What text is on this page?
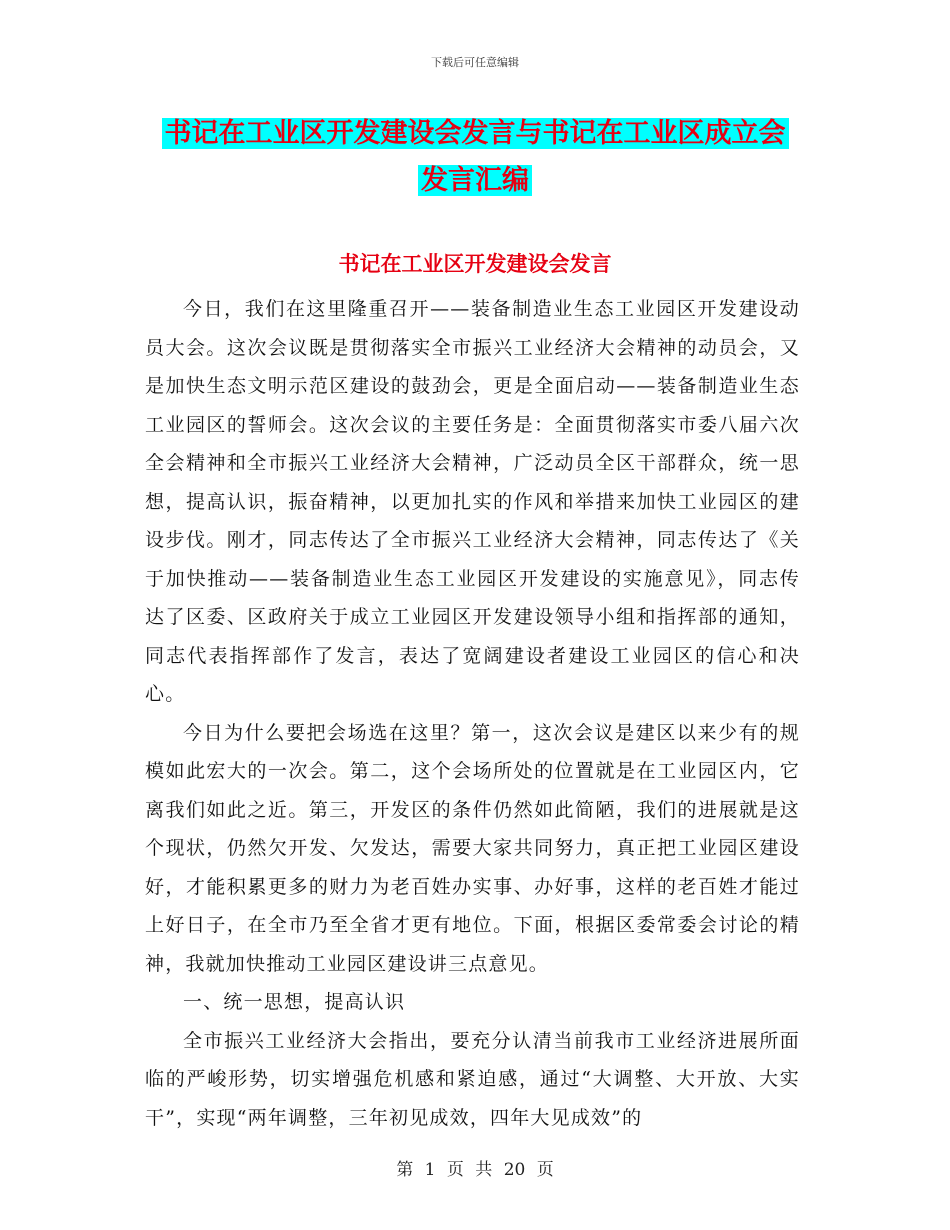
下载后可任意编辑
书记在工业区开发建设会发言与书记在工业区成立会
发言汇编
书记在工业区开发建设会发言

今日，我们在这里隆重召开——装备制造业生态工业园区开发建设动员大会。这次会议既是贯彻落实全市振兴工业经济大会精神的动员会，又是加快生态文明示范区建设的鼓劲会，更是全面启动——装备制造业生态工业园区的誓师会。这次会议的主要任务是：全面贯彻落实市委八届六次全会精神和全市振兴工业经济大会精神，广泛动员全区干部群众，统一思想，提高认识，振奋精神，以更加扎实的作风和举措来加快工业园区的建设步伐。刚才，同志传达了全市振兴工业经济大会精神，同志传达了《关于加快推动——装备制造业生态工业园区开发建设的实施意见》，同志传达了区委、区政府关于成立工业园区开发建设领导小组和指挥部的通知，同志代表指挥部作了发言，表达了宽阔建设者建设工业园区的信心和决心。

今日为什么要把会场选在这里？第一，这次会议是建区以来少有的规模如此宏大的一次会。第二，这个会场所处的位置就是在工业园区内，它离我们如此之近。第三，开发区的条件仍然如此简陋，我们的进展就是这个现状，仍然欠开发、欠发达，需要大家共同努力，真正把工业园区建设好，才能积累更多的财力为老百姓办实事、办好事，这样的老百姓才能过上好日子，在全市乃至全省才更有地位。下面，根据区委常委会讨论的精神，我就加快推动工业园区建设讲三点意见。

一、统一思想，提高认识

全市振兴工业经济大会指出，要充分认清当前我市工业经济进展所面临的严峻形势，切实增强危机感和紧迫感，通过“大调整、大开放、大实干”，实现“两年调整，三年初见成效，四年大见成效”的

第 1 页 共 20 页
